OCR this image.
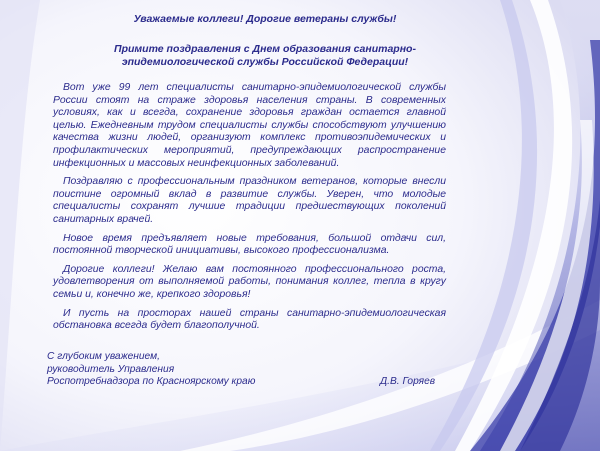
Уважаемые коллеги! Дорогие ветераны службы!
Примите поздравления с Днем образования санитарно-
эпидемиологической службы Российской Федерации!

Вот уже 99 лет специалисты санитарно-эпидемиологической службы России стоят на страже здоровья населения страны. В современных условиях, как и всегда, сохранение здоровья граждан остается главной целью. Ежедневным трудом специалисты службы способствуют улучшению качества жизни людей, организуют комплекс противоэпидемических и профилактических мероприятий, предупреждающих распространение инфекционных и массовых неинфекционных заболеваний.

Поздравляю с профессиональным праздником ветеранов, которые внесли поистине огромный вклад в развитие службы. Уверен, что молодые специалисты сохранят лучшие традиции предшествующих поколений санитарных врачей.

Новое время предъявляет новые требования, большой отдачи сил, постоянной творческой инициативы, высокого профессионализма.

Дорогие коллеги! Желаю вам постоянного профессионального роста, удовлетворения от выполняемой работы, понимания коллег, тепла в кругу семьи и, конечно же, крепкого здоровья!

И пусть на просторах нашей страны санитарно-эпидемиологическая обстановка всегда будет благополучной.

С глубоким уважением,
руководитель Управления
Роспотребнадзора по Красноярскому краю	Д.В. Горяев
